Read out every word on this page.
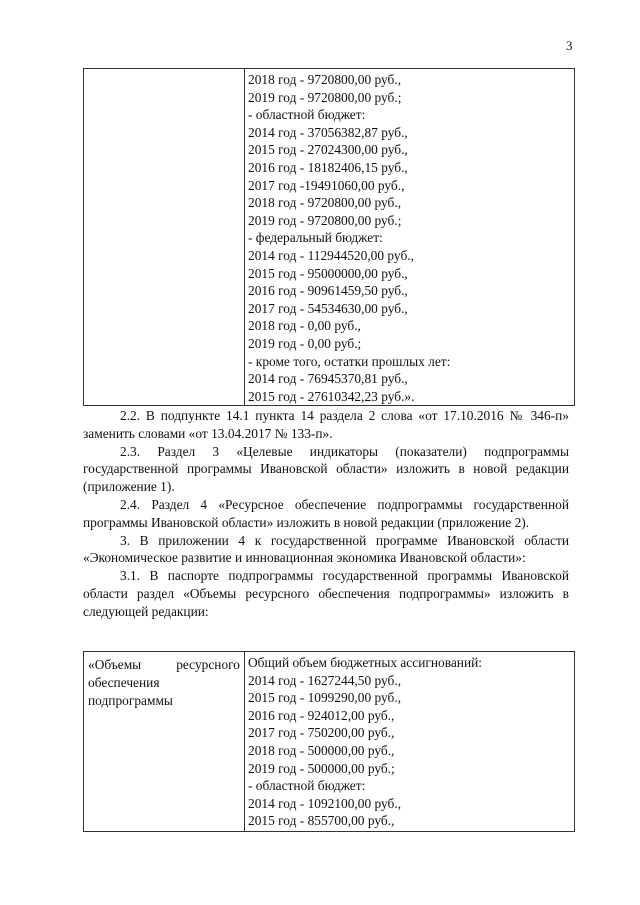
3

2018 год - 9720800,00 руб.,
2019 год - 9720800,00 руб.;
- областной бюджет:
2014 год - 37056382,87 руб.,
2015 год - 27024300,00 руб.,
2016 год - 18182406,15 руб.,
2017 год -19491060,00 руб.,
2018 год - 9720800,00 руб.,
2019 год - 9720800,00 руб.;
- федеральный бюджет:
2014 год - 112944520,00 руб.,
2015 год - 95000000,00 руб.,
2016 год - 90961459,50 руб.,
2017 год - 54534630,00 руб.,
2018 год - 0,00 руб.,
2019 год - 0,00 руб.;
- кроме того, остатки прошлых лет:
2014 год - 76945370,81 руб.,
2015 год - 27610342,23 руб.».
2.2. В подпункте 14.1 пункта 14 раздела 2 слова «от 17.10.2016 № 346-п» заменить словами «от 13.04.2017 № 133-п».
2.3. Раздел 3 «Целевые индикаторы (показатели) подпрограммы государственной программы Ивановской области» изложить в новой редакции (приложение 1).
2.4. Раздел 4 «Ресурсное обеспечение подпрограммы государственной программы Ивановской области» изложить в новой редакции (приложение 2).
3. В приложении 4 к государственной программе Ивановской области «Экономическое развитие и инновационная экономика Ивановской области»:
3.1. В паспорте подпрограммы государственной программы Ивановской области раздел «Объемы ресурсного обеспечения подпрограммы» изложить в следующей редакции:
«Объемы	ресурсного
обеспечения
подпрограммы

Общий объем бюджетных ассигнований:
2014 год - 1627244,50 руб.,
2015 год - 1099290,00 руб.,
2016 год - 924012,00 руб.,
2017 год - 750200,00 руб.,
2018 год - 500000,00 руб.,
2019 год - 500000,00 руб.;
- областной бюджет:
2014 год - 1092100,00 руб.,
2015 год - 855700,00 руб.,
